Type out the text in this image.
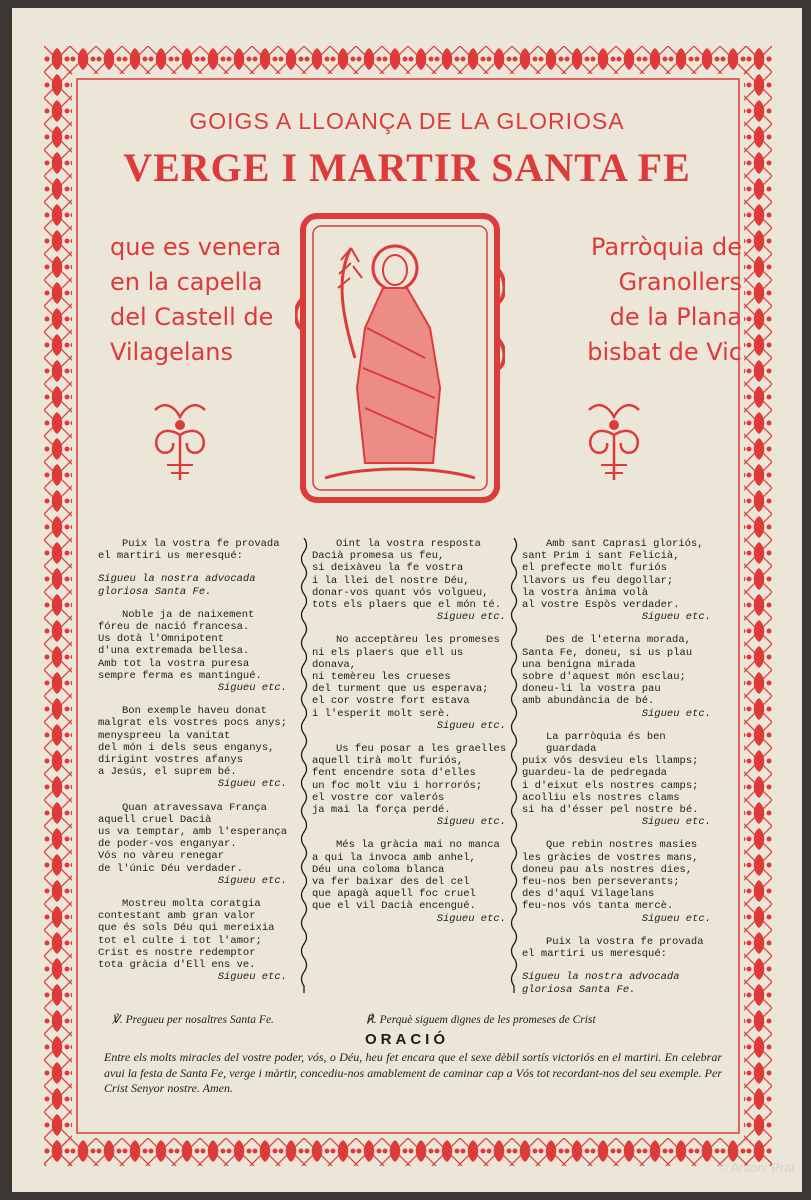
GOIGS A LLOANÇA DE LA GLORIOSA
VERGE I MARTIR SANTA FE
que es venera
en la capella
del Castell de
Vilagelans
Parròquia de
Granollers
de la Plana
bisbat de Vic
Puix la vostra fe provada
el martiri us meresqué:
Sigueu la nostra advocada
gloriosa Santa Fe.
Noble ja de naixement
fóreu de nació francesa.
Us dotà l'Omnipotent
d'una extremada bellesa.
Amb tot la vostra puresa
sempre ferma es mantingué.
Sigueu etc.
Bon exemple haveu donat
malgrat els vostres pocs anys;
menyspreeu la vanitat
del món i dels seus enganys,
dirigint vostres afanys
a Jesús, el suprem bé.
Sigueu etc.
Quan atravessava França
aquell cruel Dacià
us va temptar, amb l'esperança
de poder-vos enganyar.
Vós no vàreu renegar
de l'únic Déu verdader.
Sigueu etc.
Mostreu molta coratgia
contestant amb gran valor
que és sols Déu qui mereixia
tot el culte i tot l'amor;
Crist es nostre redemptor
tota gràcia d'Ell ens ve.
Sigueu etc.
Oint la vostra resposta
Dacià promesa us feu,
si deixàveu la fe vostra
i la llei del nostre Déu,
donar-vos quant vós volgueu,
tots els plaers que el món té.
Sigueu etc.
No acceptàreu les promeses
ni els plaers que ell us donava,
ni temèreu les crueses
del turment que us esperava;
el cor vostre fort estava
i l'esperit molt serè.
Sigueu etc.
Us feu posar a les graelles
aquell tirà molt furiós,
fent encendre sota d'elles
un foc molt viu i horrorós;
el vostre cor valerós
ja mai la força perdé.
Sigueu etc.
Més la gràcia mai no manca
a qui la invoca amb anhel,
Déu una coloma blanca
va fer baixar des del cel
que apagà aquell foc cruel
que el vil Dacià encengué.
Sigueu etc.
Amb sant Caprasi gloriós,
sant Prim i sant Felicià,
el prefecte molt furiós
llavors us feu degollar;
la vostra ànima volà
al vostre Espòs verdader.
Sigueu etc.
Des de l'eterna morada,
Santa Fe, doneu, si us plau
una benigna mirada
sobre d'aquest món esclau;
doneu-li la vostra pau
amb abundància de bé.
Sigueu etc.
La parròquia és ben guardada
puix vós desvieu els llamps;
guardeu-la de pedregada
i d'eixut els nostres camps;
acolliu els nostres clams
si ha d'ésser pel nostre bé.
Sigueu etc.
Que rebin nostres masies
les gràcies de vostres mans,
doneu pau als nostres dies,
feu-nos ben perseverants;
des d'aquí Vilagelans
feu-nos vós tanta mercè.
Sigueu etc.
Puix la vostra fe provada
el martiri us meresqué:
Sigueu la nostra advocada
gloriosa Santa Fe.
℣. Pregueu per nosaltres Santa Fe.	℟. Perquè siguem dignes de les promeses de Crist
ORACIÓ
Entre els molts miracles del vostre poder, vós, o Déu, heu fet encara que el sexe dèbil sortís victoriós en el martiri. En celebrar avui la festa de Santa Fe, verge i màrtir, concediu-nos amablement de caminar cap a Vós tot recordant-nos del seu exemple. Per Crist Senyor nostre. Amen.
© Antoni Prat
